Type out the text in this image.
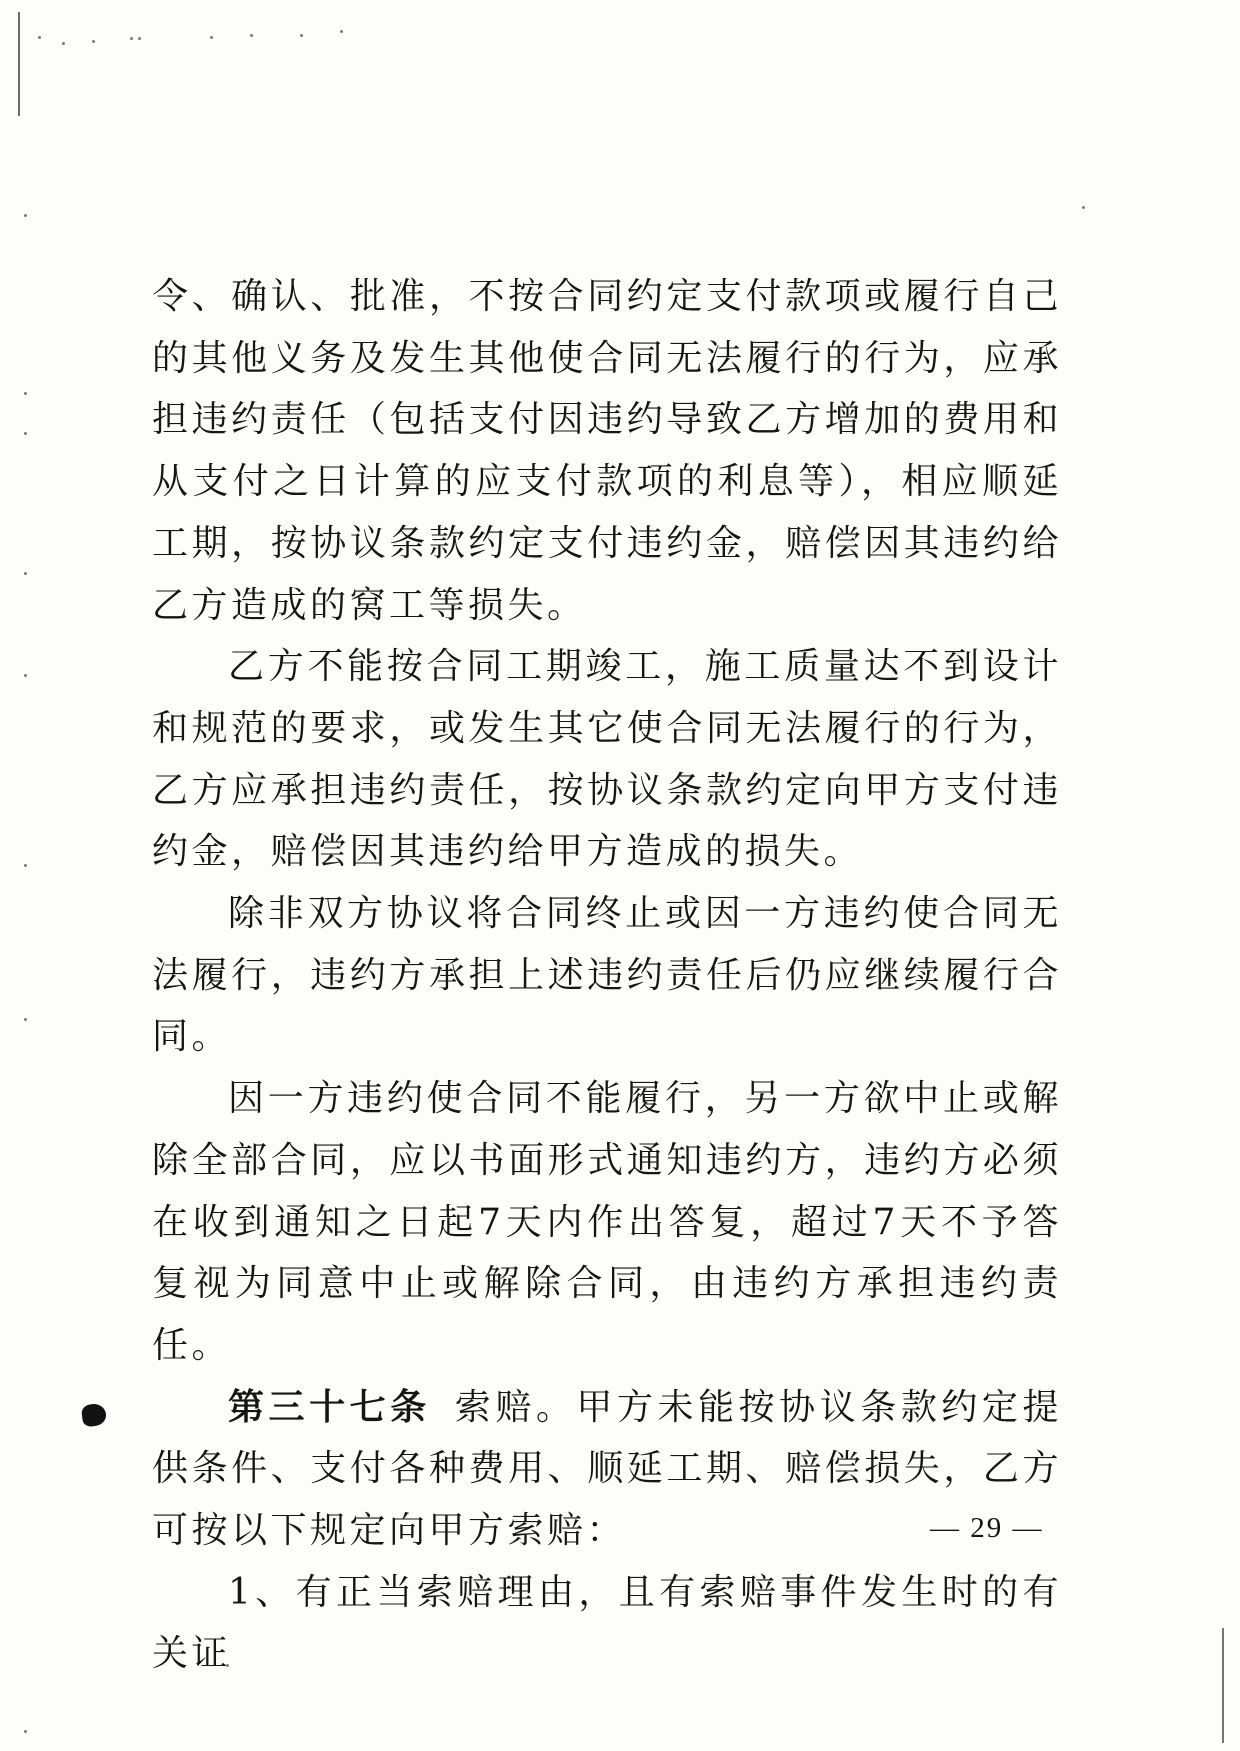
令、确认、批准，不按合同约定支付款项或履行自己的其他义务及发生其他使合同无法履行的行为，应承担违约责任（包括支付因违约导致乙方增加的费用和从支付之日计算的应支付款项的利息等），相应顺延工期，按协议条款约定支付违约金，赔偿因其违约给乙方造成的窝工等损失。

乙方不能按合同工期竣工，施工质量达不到设计和规范的要求，或发生其它使合同无法履行的行为，乙方应承担违约责任，按协议条款约定向甲方支付违约金，赔偿因其违约给甲方造成的损失。

除非双方协议将合同终止或因一方违约使合同无法履行，违约方承担上述违约责任后仍应继续履行合同。

因一方违约使合同不能履行，另一方欲中止或解除全部合同，应以书面形式通知违约方，违约方必须在收到通知之日起7天内作出答复，超过7天不予答复视为同意中止或解除合同，由违约方承担违约责任。

第三十七条 索赔。甲方未能按协议条款约定提供条件、支付各种费用、顺延工期、赔偿损失，乙方可按以下规定向甲方索赔：

1、有正当索赔理由，且有索赔事件发生时的有关证

— 29 —
